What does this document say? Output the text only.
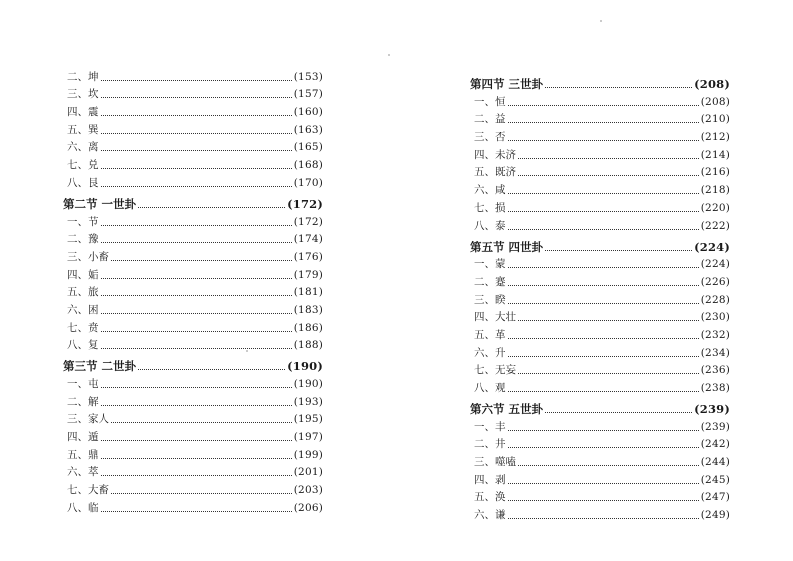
二、坤	(153)
三、坎	(157)
四、震	(160)
五、巽	(163)
六、离	(165)
七、兑	(168)
八、艮	(170)
第二节 一世卦	(172)
一、节	(172)
二、豫	(174)
三、小畜	(176)
四、姤	(179)
五、旅	(181)
六、困	(183)
七、贲	(186)
八、复	(188)
第三节 二世卦	(190)
一、屯	(190)
二、解	(193)
三、家人	(195)
四、遁	(197)
五、鼎	(199)
六、萃	(201)
七、大畜	(203)
八、临	(206)
第四节 三世卦	(208)
一、恒	(208)
二、益	(210)
三、否	(212)
四、未济	(214)
五、既济	(216)
六、咸	(218)
七、损	(220)
八、泰	(222)
第五节 四世卦	(224)
一、蒙	(224)
二、蹇	(226)
三、睽	(228)
四、大壮	(230)
五、革	(232)
六、升	(234)
七、无妄	(236)
八、观	(238)
第六节 五世卦	(239)
一、丰	(239)
二、井	(242)
三、噬嗑	(244)
四、剥	(245)
五、涣	(247)
六、谦	(249)
